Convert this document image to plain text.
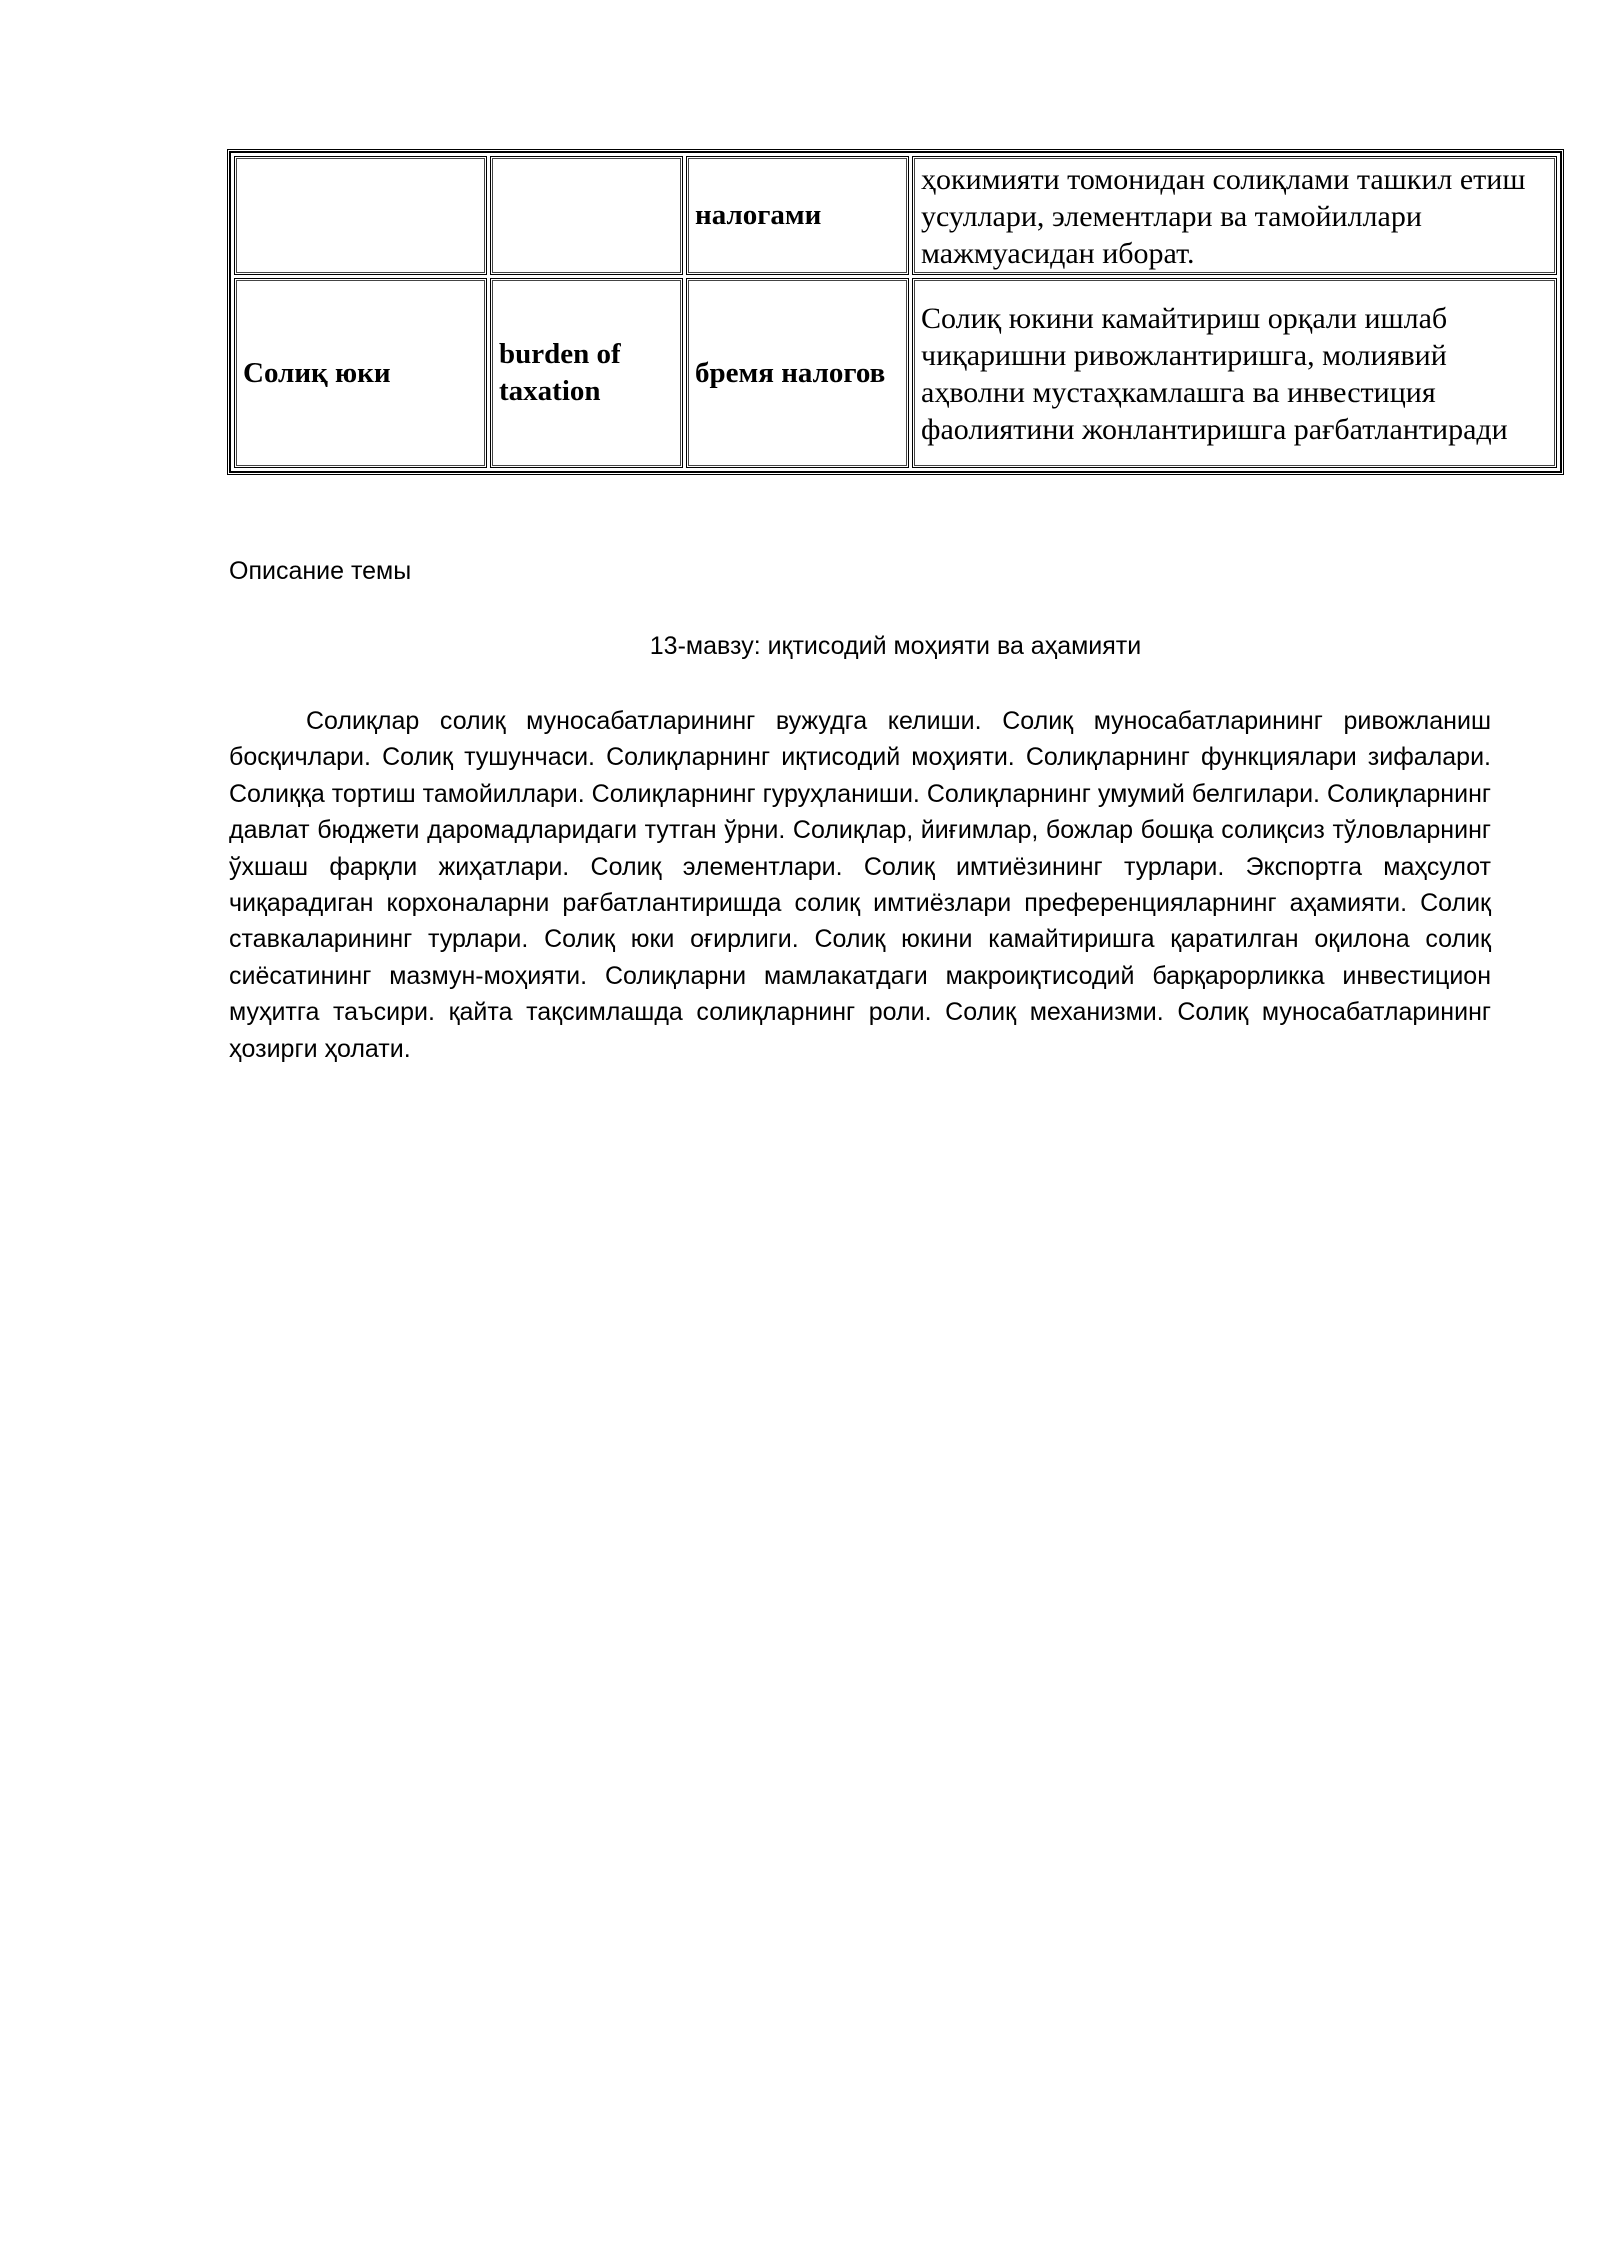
		налогами	ҳокимияти томонидан солиқлами ташкил етиш усуллари, элементлари ва тамойиллари мажмуасидан иборат.
Солиқ юки	burden of taxation	бремя налогов	Солиқ юкини камайтириш орқали ишлаб чиқаришни ривожлантиришга, молиявий аҳволни мустаҳкамлашга ва инвестиция фаолиятини жонлантиришга рағбатлантиради
Описание темы
13-мавзу: иқтисодий моҳияти ва аҳамияти

Солиқлар солиқ муносабатларининг вужудга келиши. Солиқ муносабатларининг ривожланиш босқичлари. Солиқ тушунчаси. Солиқларнинг иқтисодий моҳияти. Солиқларнинг функциялари зифалари. Солиққа тортиш тамойиллари. Солиқларнинг гуруҳланиши. Солиқларнинг умумий белгилари. Солиқларнинг давлат бюджети даромадларидаги тутган ўрни. Солиқлар, йиғимлар, божлар бошқа солиқсиз тўловларнинг ўхшаш фарқли жиҳатлари. Солиқ элементлари. Солиқ имтиёзининг турлари. Экспортга маҳсулот чиқарадиган корхоналарни рағбатлантиришда солиқ имтиёзлари преференцияларнинг аҳамияти. Солиқ ставкаларининг турлари. Солиқ юки оғирлиги. Солиқ юкини камайтиришга қаратилган оқилона солиқ сиёсатининг мазмун-моҳияти. Солиқларни мамлакатдаги макроиқтисодий барқарорликка инвестицион муҳитга таъсири. қайта тақсимлашда солиқларнинг роли. Солиқ механизми. Солиқ муносабатларининг ҳозирги ҳолати.
